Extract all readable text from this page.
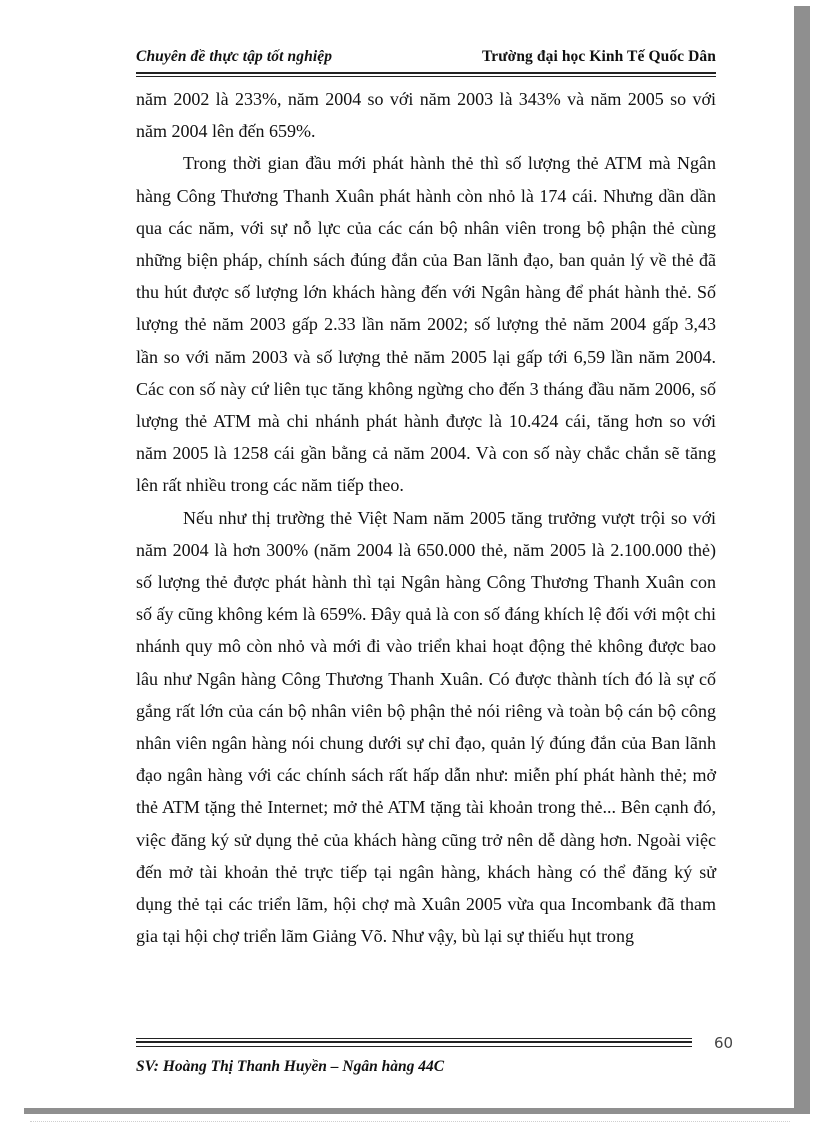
Chuyên đề thực tập tốt nghiệp	Trường đại học Kinh Tế Quốc Dân

năm 2002 là 233%, năm 2004 so với năm 2003 là 343% và năm 2005 so với năm 2004 lên đến 659%.

Trong thời gian đầu mới phát hành thẻ thì số lượng thẻ ATM mà Ngân hàng Công Thương Thanh Xuân phát hành còn nhỏ là 174 cái. Nhưng dần dần qua các năm, với sự nỗ lực của các cán bộ nhân viên trong bộ phận thẻ cùng những biện pháp, chính sách đúng đắn của Ban lãnh đạo, ban quản lý về thẻ đã thu hút được số lượng lớn khách hàng đến với Ngân hàng để phát hành thẻ. Số lượng thẻ năm 2003 gấp 2.33 lần năm 2002; số lượng thẻ năm 2004 gấp 3,43 lần so với năm 2003 và số lượng thẻ năm 2005 lại gấp tới 6,59 lần năm 2004. Các con số này cứ liên tục tăng không ngừng cho đến 3 tháng đầu năm 2006, số lượng thẻ ATM mà chi nhánh phát hành được là 10.424 cái, tăng hơn so với năm 2005 là 1258 cái gần bằng cả năm 2004. Và con số này chắc chắn sẽ tăng lên rất nhiều trong các năm tiếp theo.

Nếu như thị trường thẻ Việt Nam năm 2005 tăng trưởng vượt trội so với năm 2004 là hơn 300% (năm 2004 là 650.000 thẻ, năm 2005 là 2.100.000 thẻ) số lượng thẻ được phát hành thì tại Ngân hàng Công Thương Thanh Xuân con số ấy cũng không kém là 659%. Đây quả là con số đáng khích lệ đối với một chi nhánh quy mô còn nhỏ và mới đi vào triển khai hoạt động thẻ không được bao lâu như Ngân hàng Công Thương Thanh Xuân. Có được thành tích đó là sự cố gắng rất lớn của cán bộ nhân viên bộ phận thẻ nói riêng và toàn bộ cán bộ công nhân viên ngân hàng nói chung dưới sự chỉ đạo, quản lý đúng đắn của Ban lãnh đạo ngân hàng với các chính sách rất hấp dẫn như: miễn phí phát hành thẻ; mở thẻ ATM tặng thẻ Internet; mở thẻ ATM tặng tài khoản trong thẻ... Bên cạnh đó, việc đăng ký sử dụng thẻ của khách hàng cũng trở nên dễ dàng hơn. Ngoài việc đến mở tài khoản thẻ trực tiếp tại ngân hàng, khách hàng có thể đăng ký sử dụng thẻ tại các triển lãm, hội chợ mà Xuân 2005 vừa qua Incombank đã tham gia tại hội chợ triển lãm Giảng Võ. Như vậy, bù lại sự thiếu hụt trong

60
SV: Hoàng Thị Thanh Huyền – Ngân hàng 44C
